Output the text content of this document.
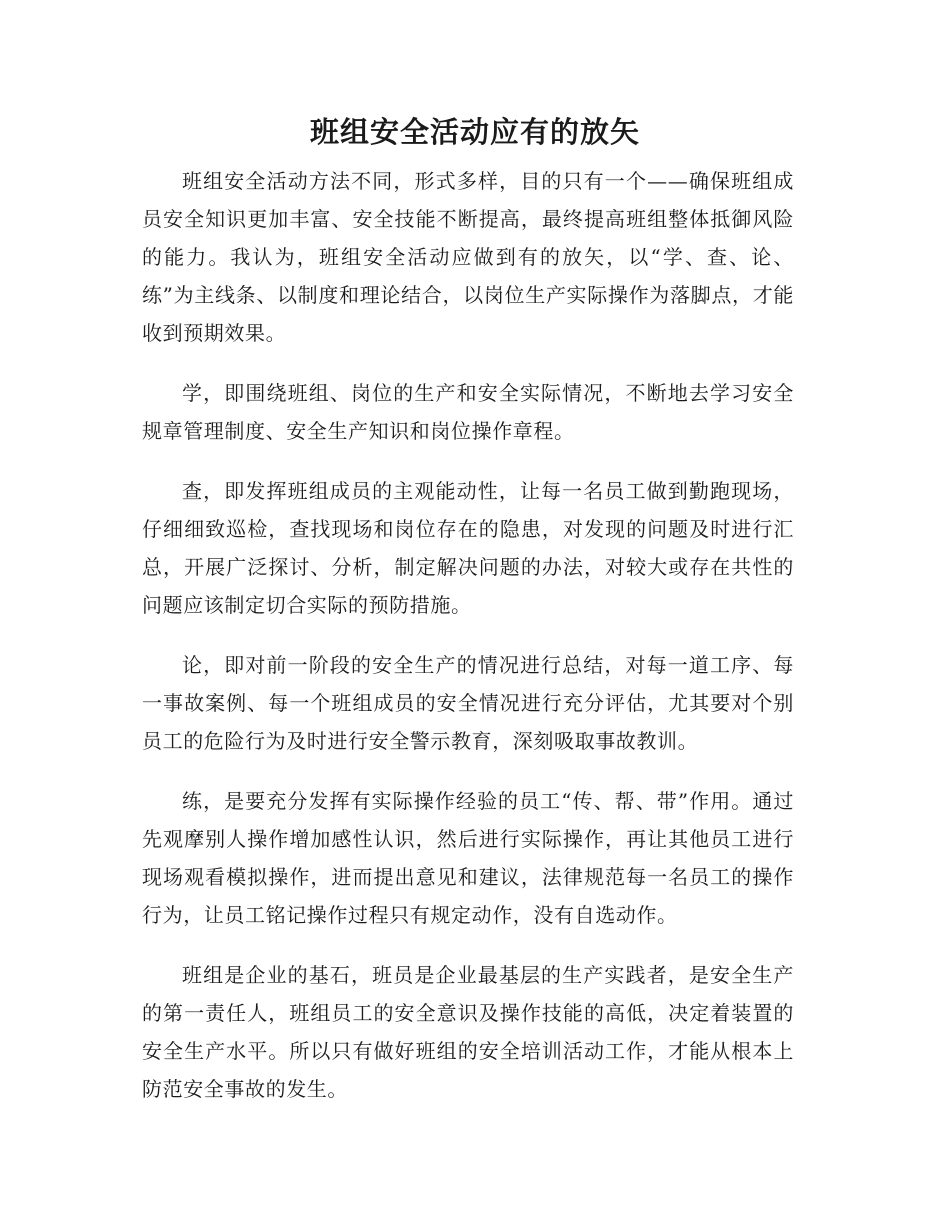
班组安全活动应有的放矢

班组安全活动方法不同，形式多样，目的只有一个——确保班组成员安全知识更加丰富、安全技能不断提高，最终提高班组整体抵御风险的能力。我认为，班组安全活动应做到有的放矢，以“学、查、论、练”为主线条、以制度和理论结合，以岗位生产实际操作为落脚点，才能收到预期效果。

学，即围绕班组、岗位的生产和安全实际情况，不断地去学习安全规章管理制度、安全生产知识和岗位操作章程。

查，即发挥班组成员的主观能动性，让每一名员工做到勤跑现场，仔细细致巡检，查找现场和岗位存在的隐患，对发现的问题及时进行汇总，开展广泛探讨、分析，制定解决问题的办法，对较大或存在共性的问题应该制定切合实际的预防措施。

论，即对前一阶段的安全生产的情况进行总结，对每一道工序、每一事故案例、每一个班组成员的安全情况进行充分评估，尤其要对个别员工的危险行为及时进行安全警示教育，深刻吸取事故教训。

练，是要充分发挥有实际操作经验的员工“传、帮、带”作用。通过先观摩别人操作增加感性认识，然后进行实际操作，再让其他员工进行现场观看模拟操作，进而提出意见和建议，法律规范每一名员工的操作行为，让员工铭记操作过程只有规定动作，没有自选动作。

班组是企业的基石，班员是企业最基层的生产实践者，是安全生产的第一责任人，班组员工的安全意识及操作技能的高低，决定着装置的安全生产水平。所以只有做好班组的安全培训活动工作，才能从根本上防范安全事故的发生。
